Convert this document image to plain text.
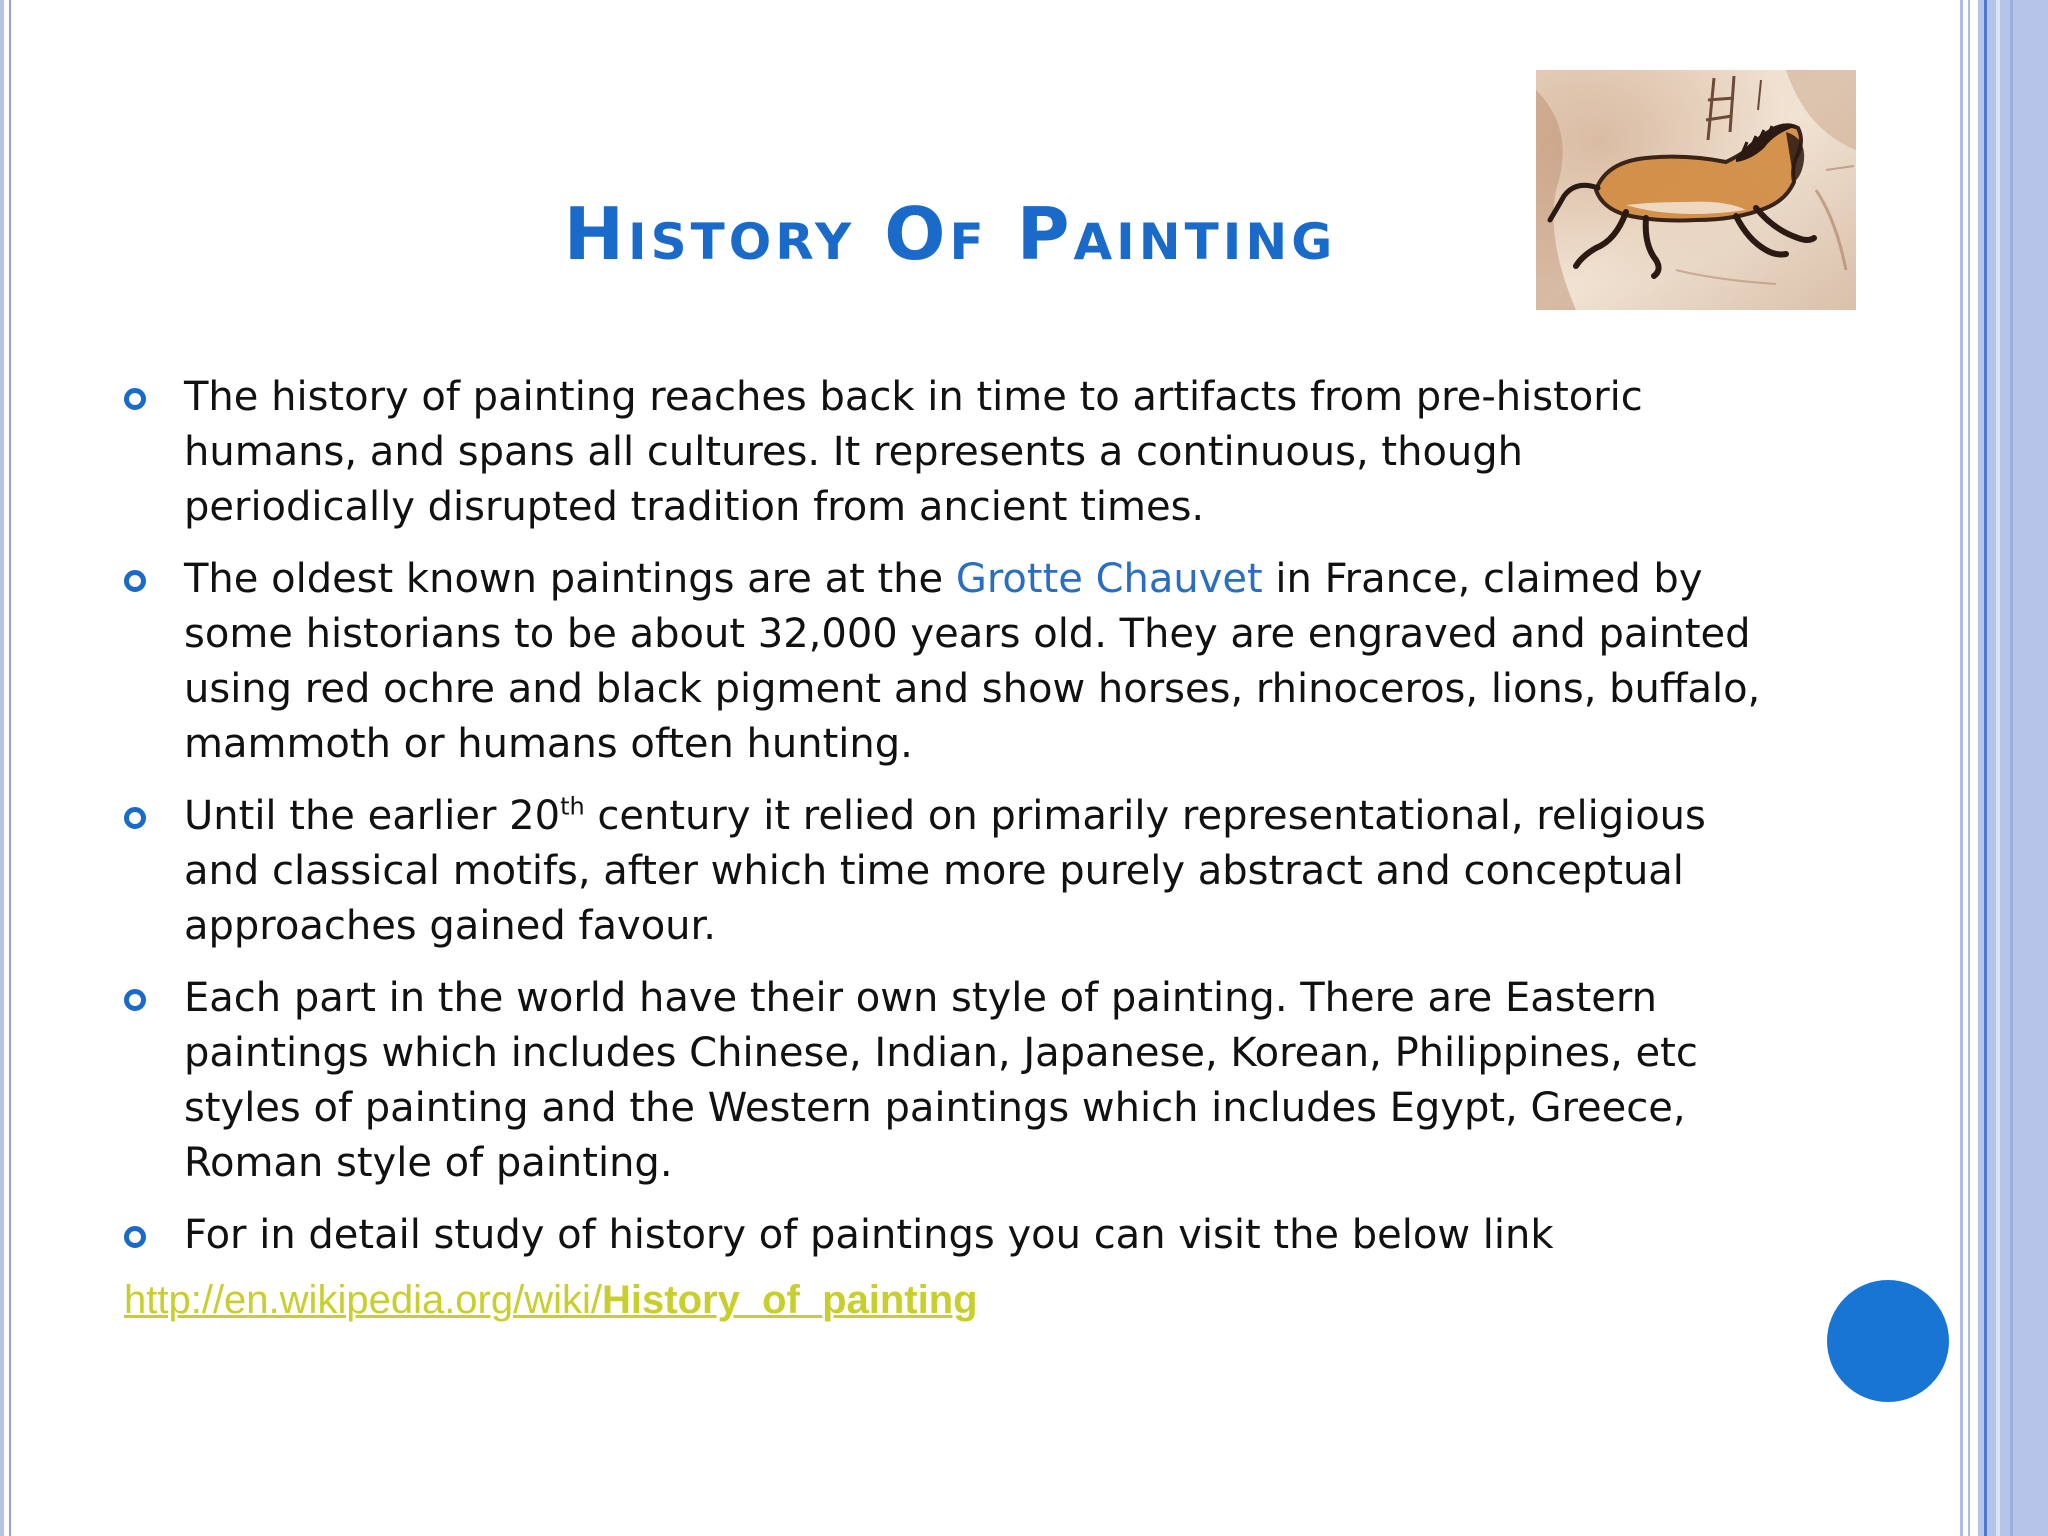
History Of Painting
The history of painting reaches back in time to artifacts from pre-historic humans, and spans all cultures. It represents a continuous, though periodically disrupted tradition from ancient times.
The oldest known paintings are at the Grotte Chauvet in France, claimed by some historians to be about 32,000 years old. They are engraved and painted using red ochre and black pigment and show horses, rhinoceros, lions, buffalo, mammoth or humans often hunting.
Until the earlier 20th century it relied on primarily representational, religious and classical motifs, after which time more purely abstract and conceptual approaches gained favour.
Each part in the world have their own style of painting. There are Eastern paintings which includes Chinese, Indian, Japanese, Korean, Philippines, etc styles of painting and the Western paintings which includes Egypt, Greece, Roman style of painting.
For in detail study of history of paintings you can visit the below link
http://en.wikipedia.org/wiki/History_of_painting
